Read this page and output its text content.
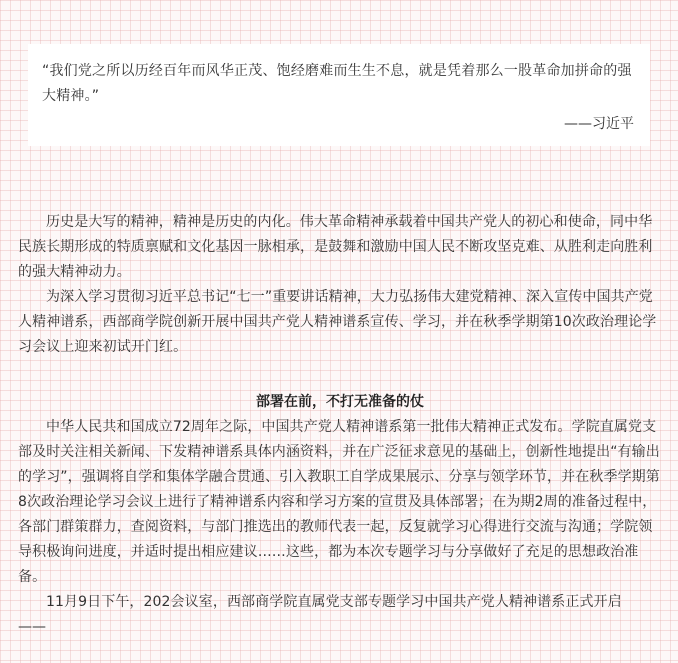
“我们党之所以历经百年而风华正茂、饱经磨难而生生不息，就是凭着那么一股革命加拼命的强大精神。”

——习近平

历史是大写的精神，精神是历史的内化。伟大革命精神承载着中国共产党人的初心和使命，同中华民族长期形成的特质禀赋和文化基因一脉相承，是鼓舞和激励中国人民不断攻坚克难、从胜利走向胜利的强大精神动力。

为深入学习贯彻习近平总书记“七一”重要讲话精神，大力弘扬伟大建党精神、深入宣传中国共产党人精神谱系，西部商学院创新开展中国共产党人精神谱系宣传、学习，并在秋季学期第10次政治理论学习会议上迎来初试开门红。

部署在前，不打无准备的仗

中华人民共和国成立72周年之际，中国共产党人精神谱系第一批伟大精神正式发布。学院直属党支部及时关注相关新闻、下发精神谱系具体内涵资料，并在广泛征求意见的基础上，创新性地提出“有输出的学习”，强调将自学和集体学融合贯通、引入教职工自学成果展示、分享与领学环节，并在秋季学期第8次政治理论学习会议上进行了精神谱系内容和学习方案的宣贯及具体部署；在为期2周的准备过程中，各部门群策群力，查阅资料，与部门推选出的教师代表一起，反复就学习心得进行交流与沟通；学院领导积极询问进度，并适时提出相应建议……这些，都为本次专题学习与分享做好了充足的思想政治准备。

11月9日下午，202会议室，西部商学院直属党支部专题学习中国共产党人精神谱系正式开启

——
